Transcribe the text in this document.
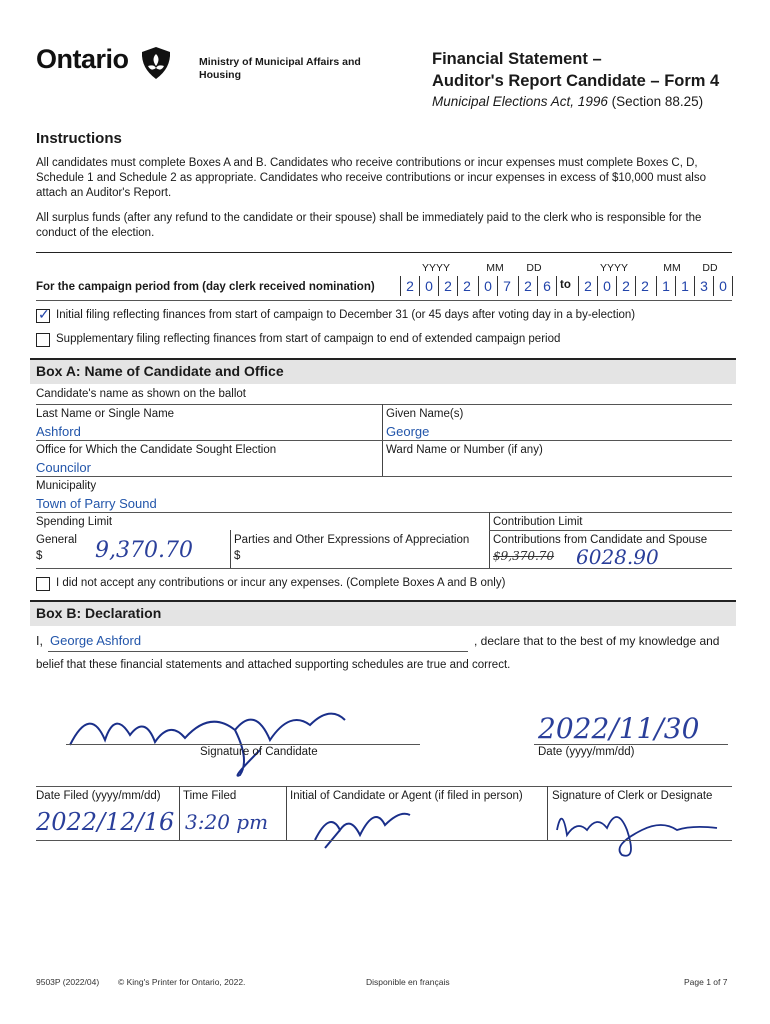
Ontario	Ministry of Municipal Affairs and Housing
Financial Statement –
Auditor's Report Candidate – Form 4
Municipal Elections Act, 1996 (Section 88.25)
Instructions
All candidates must complete Boxes A and B. Candidates who receive contributions or incur expenses must complete Boxes C, D, Schedule 1 and Schedule 2 as appropriate. Candidates who receive contributions or incur expenses in excess of $10,000 must also attach an Auditor's Report.
All surplus funds (after any refund to the candidate or their spouse) shall be immediately paid to the clerk who is responsible for the conduct of the election.
YYYY	MM	DD	YYYY	MM	DD
For the campaign period from (day clerk received nomination)	2 0 2 2 0 7 2 6 to 2 0 2 2 1 1 3 0
✓ Initial filing reflecting finances from start of campaign to December 31 (or 45 days after voting day in a by-election)
Supplementary filing reflecting finances from start of campaign to end of extended campaign period
Box A: Name of Candidate and Office
Candidate's name as shown on the ballot
Last Name or Single Name
Ashford
Given Name(s)
George
Office for Which the Candidate Sought Election
Councilor
Ward Name or Number (if any)
Municipality
Town of Parry Sound
Spending Limit	Contribution Limit
General
$ 9,370.70	Parties and Other Expressions of Appreciation
$
Contributions from Candidate and Spouse
$9,370.70 6028.90
I did not accept any contributions or incur any expenses. (Complete Boxes A and B only)
Box B: Declaration
I, George Ashford	, declare that to the best of my knowledge and
belief that these financial statements and attached supporting schedules are true and correct.
Signature of Candidate
2022/11/30
Date (yyyy/mm/dd)
Date Filed (yyyy/mm/dd)
2022/12/16
Time Filed
3:20 pm
Initial of Candidate or Agent (if filed in person)	Signature of Clerk or Designate
9503P (2022/04) © King's Printer for Ontario, 2022.	Disponible en français	Page 1 of 7
